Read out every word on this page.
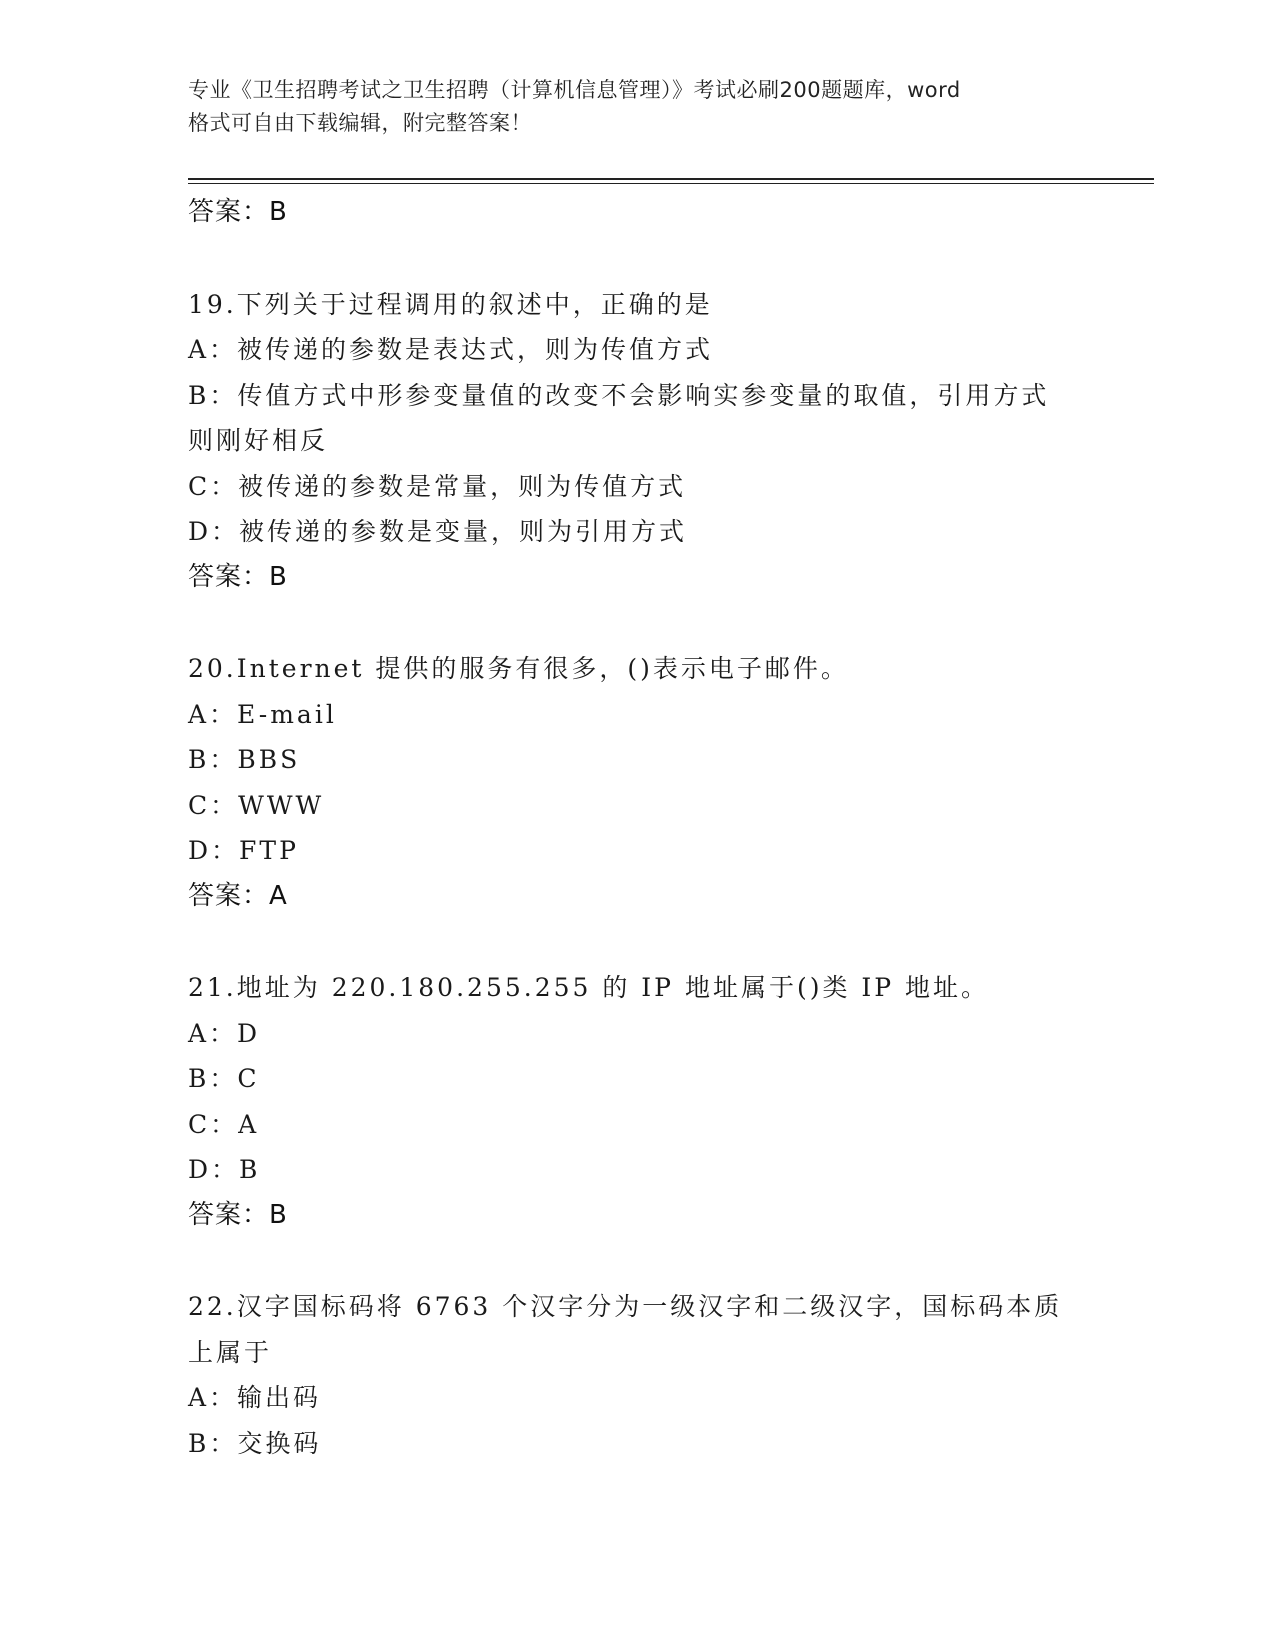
专业《卫生招聘考试之卫生招聘（计算机信息管理）》考试必刷200题题库，word
格式可自由下载编辑，附完整答案！
答案：B
19.下列关于过程调用的叙述中，正确的是
A：被传递的参数是表达式，则为传值方式
B：传值方式中形参变量值的改变不会影响实参变量的取值，引用方式
则刚好相反
C：被传递的参数是常量，则为传值方式
D：被传递的参数是变量，则为引用方式
答案：B
20.Internet 提供的服务有很多，()表示电子邮件。
A：E-mail
B：BBS
C：WWW
D：FTP
答案：A
21.地址为 220.180.255.255 的 IP 地址属于()类 IP 地址。
A：D
B：C
C：A
D：B
答案：B
22.汉字国标码将 6763 个汉字分为一级汉字和二级汉字，国标码本质
上属于
A：输出码
B：交换码
